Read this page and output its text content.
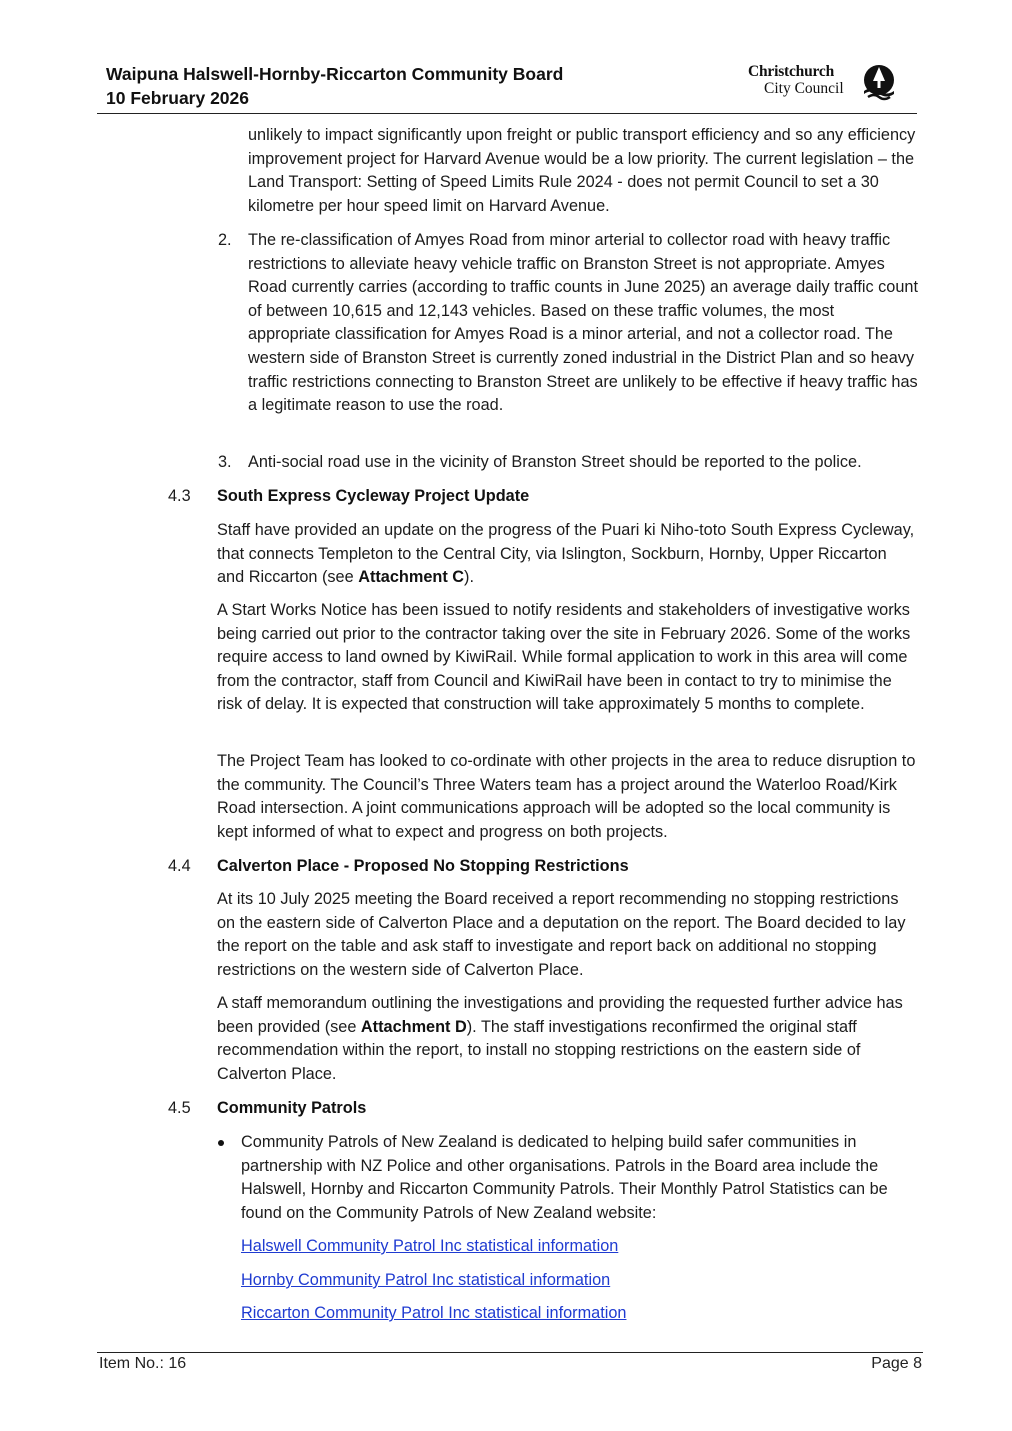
Waipuna Halswell-Hornby-Riccarton Community Board
10 February 2026
Christchurch
City Council
unlikely to impact significantly upon freight or public transport efficiency and so any efficiency improvement project for Harvard Avenue would be a low priority. The current legislation – the Land Transport: Setting of Speed Limits Rule 2024 - does not permit Council to set a 30 kilometre per hour speed limit on Harvard Avenue.
2. The re-classification of Amyes Road from minor arterial to collector road with heavy traffic restrictions to alleviate heavy vehicle traffic on Branston Street is not appropriate. Amyes Road currently carries (according to traffic counts in June 2025) an average daily traffic count of between 10,615 and 12,143 vehicles. Based on these traffic volumes, the most appropriate classification for Amyes Road is a minor arterial, and not a collector road. The western side of Branston Street is currently zoned industrial in the District Plan and so heavy traffic restrictions connecting to Branston Street are unlikely to be effective if heavy traffic has a legitimate reason to use the road.
3. Anti-social road use in the vicinity of Branston Street should be reported to the police.
4.3 South Express Cycleway Project Update
Staff have provided an update on the progress of the Puari ki Niho-toto South Express Cycleway, that connects Templeton to the Central City, via Islington, Sockburn, Hornby, Upper Riccarton and Riccarton (see Attachment C).
A Start Works Notice has been issued to notify residents and stakeholders of investigative works being carried out prior to the contractor taking over the site in February 2026. Some of the works require access to land owned by KiwiRail. While formal application to work in this area will come from the contractor, staff from Council and KiwiRail have been in contact to try to minimise the risk of delay. It is expected that construction will take approximately 5 months to complete.
The Project Team has looked to co-ordinate with other projects in the area to reduce disruption to the community. The Council’s Three Waters team has a project around the Waterloo Road/Kirk Road intersection. A joint communications approach will be adopted so the local community is kept informed of what to expect and progress on both projects.
4.4 Calverton Place - Proposed No Stopping Restrictions
At its 10 July 2025 meeting the Board received a report recommending no stopping restrictions on the eastern side of Calverton Place and a deputation on the report. The Board decided to lay the report on the table and ask staff to investigate and report back on additional no stopping restrictions on the western side of Calverton Place.
A staff memorandum outlining the investigations and providing the requested further advice has been provided (see Attachment D). The staff investigations reconfirmed the original staff recommendation within the report, to install no stopping restrictions on the eastern side of Calverton Place.
4.5 Community Patrols
Community Patrols of New Zealand is dedicated to helping build safer communities in partnership with NZ Police and other organisations. Patrols in the Board area include the Halswell, Hornby and Riccarton Community Patrols. Their Monthly Patrol Statistics can be found on the Community Patrols of New Zealand website:
Halswell Community Patrol Inc statistical information
Hornby Community Patrol Inc statistical information
Riccarton Community Patrol Inc statistical information
Item No.: 16	Page 8
